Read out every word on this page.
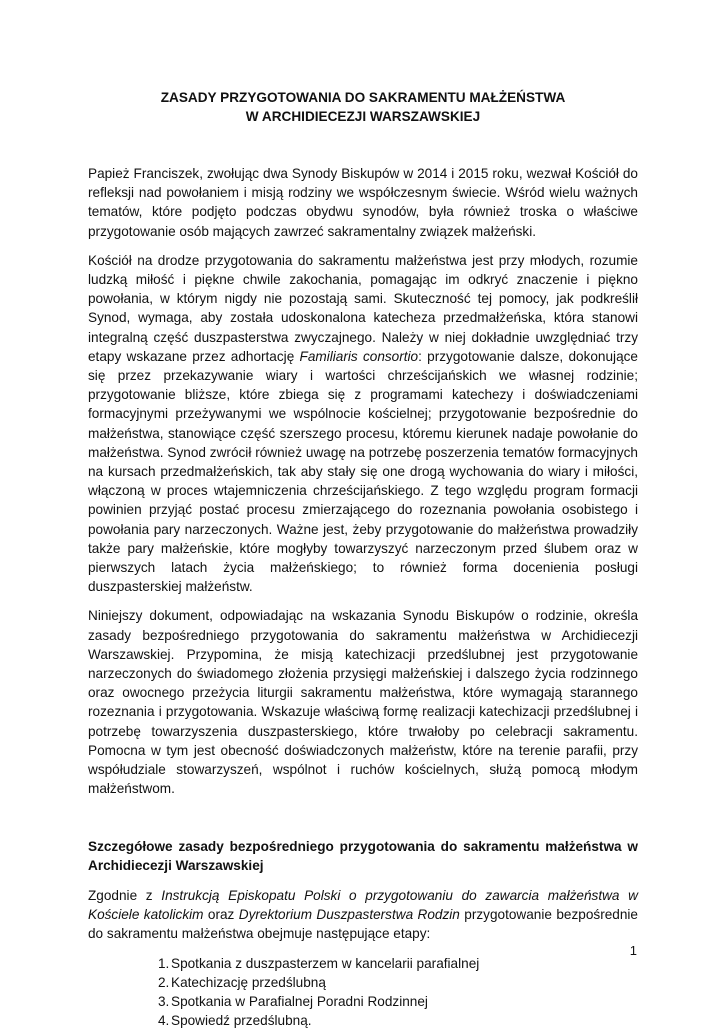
ZASADY PRZYGOTOWANIA DO SAKRAMENTU MAŁŻEŃSTWA
W ARCHIDIECEZJI WARSZAWSKIEJ

Papież Franciszek, zwołując dwa Synody Biskupów w 2014 i 2015 roku, wezwał Kościół do refleksji nad powołaniem i misją rodziny we współczesnym świecie. Wśród wielu ważnych tematów, które podjęto podczas obydwu synodów, była również troska o właściwe przygotowanie osób mających zawrzeć sakramentalny związek małżeński.

Kościół na drodze przygotowania do sakramentu małżeństwa jest przy młodych, rozumie ludzką miłość i piękne chwile zakochania, pomagając im odkryć znaczenie i piękno powołania, w którym nigdy nie pozostają sami. Skuteczność tej pomocy, jak podkreślił Synod, wymaga, aby została udoskonalona katecheza przedmałżeńska, która stanowi integralną część duszpasterstwa zwyczajnego. Należy w niej dokładnie uwzględniać trzy etapy wskazane przez adhortację Familiaris consortio: przygotowanie dalsze, dokonujące się przez przekazywanie wiary i wartości chrześcijańskich we własnej rodzinie; przygotowanie bliższe, które zbiega się z programami katechezy i doświadczeniami formacyjnymi przeżywanymi we wspólnocie kościelnej; przygotowanie bezpośrednie do małżeństwa, stanowiące część szerszego procesu, któremu kierunek nadaje powołanie do małżeństwa. Synod zwrócił również uwagę na potrzebę poszerzenia tematów formacyjnych na kursach przedmałżeńskich, tak aby stały się one drogą wychowania do wiary i miłości, włączoną w proces wtajemniczenia chrześcijańskiego. Z tego względu program formacji powinien przyjąć postać procesu zmierzającego do rozeznania powołania osobistego i powołania pary narzeczonych. Ważne jest, żeby przygotowanie do małżeństwa prowadziły także pary małżeńskie, które mogłyby towarzyszyć narzeczonym przed ślubem oraz w pierwszych latach życia małżeńskiego; to również forma docenienia posługi duszpasterskiej małżeństw.

Niniejszy dokument, odpowiadając na wskazania Synodu Biskupów o rodzinie, określa zasady bezpośredniego przygotowania do sakramentu małżeństwa w Archidiecezji Warszawskiej. Przypomina, że misją katechizacji przedślubnej jest przygotowanie narzeczonych do świadomego złożenia przysięgi małżeńskiej i dalszego życia rodzinnego oraz owocnego przeżycia liturgii sakramentu małżeństwa, które wymagają starannego rozeznania i przygotowania. Wskazuje właściwą formę realizacji katechizacji przedślubnej i potrzebę towarzyszenia duszpasterskiego, które trwałoby po celebracji sakramentu. Pomocna w tym jest obecność doświadczonych małżeństw, które na terenie parafii, przy współudziale stowarzyszeń, wspólnot i ruchów kościelnych, służą pomocą młodym małżeństwom.

Szczegółowe zasady bezpośredniego przygotowania do sakramentu małżeństwa w Archidiecezji Warszawskiej

Zgodnie z Instrukcją Episkopatu Polski o przygotowaniu do zawarcia małżeństwa w Kościele katolickim oraz Dyrektorium Duszpasterstwa Rodzin przygotowanie bezpośrednie do sakramentu małżeństwa obejmuje następujące etapy:

1. Spotkania z duszpasterzem w kancelarii parafialnej
2. Katechizację przedślubną
3. Spotkania w Parafialnej Poradni Rodzinnej
4. Spowiedź przedślubną.
1
